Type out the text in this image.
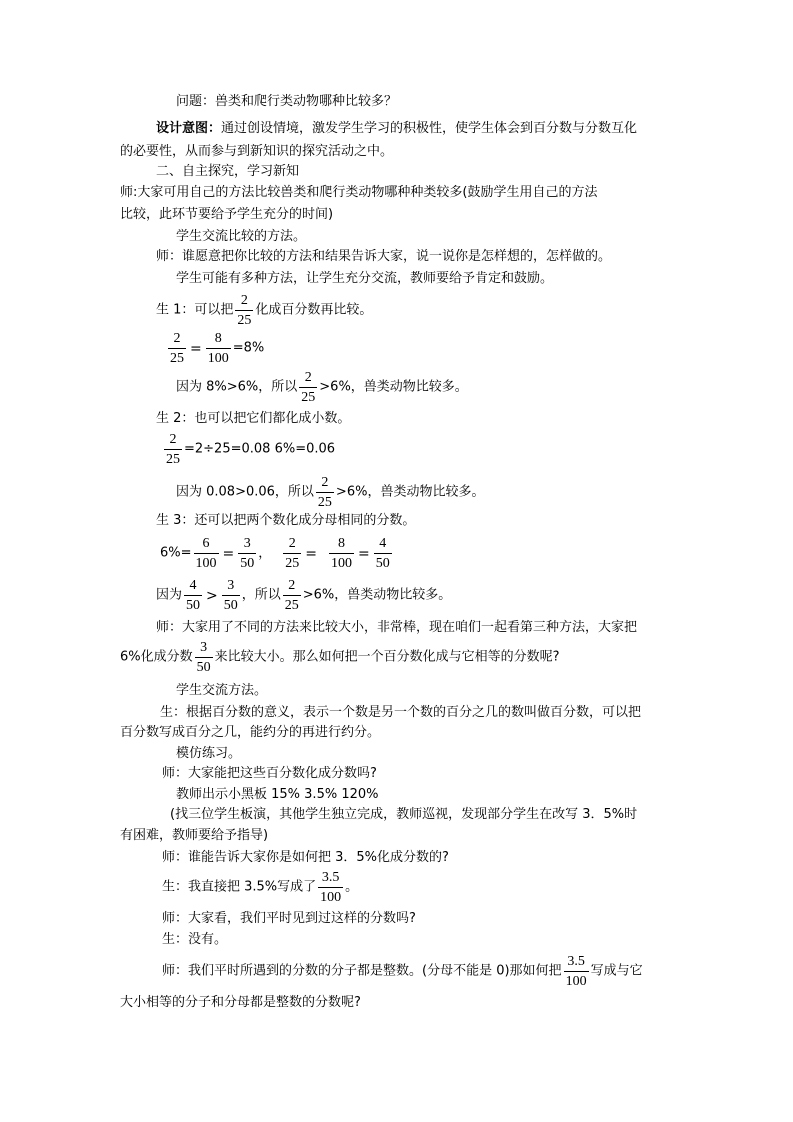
问题：兽类和爬行类动物哪种比较多？
设计意图：通过创设情境，激发学生学习的积极性，使学生体会到百分数与分数互化
的必要性，从而参与到新知识的探究活动之中。
二、自主探究，学习新知
师:大家可用自己的方法比较兽类和爬行类动物哪种种类较多(鼓励学生用自己的方法
比较，此环节要给予学生充分的时间)
学生交流比较的方法。
师：谁愿意把你比较的方法和结果告诉大家，说一说你是怎样想的，怎样做的。
学生可能有多种方法，让学生充分交流，教师要给予肯定和鼓励。
生 1：可以把 $\frac{2}{25}$ 化成百分数再比较。
$\frac{2}{25} = \frac{8}{100} =8\%$
因为 8%>6%，所以 $\frac{2}{25} >6\%$，兽类动物比较多。
生 2：也可以把它们都化成小数。
$\frac{2}{25} =2\div 25=0.08$ 6%=0.06
因为 0.08>0.06，所以 $\frac{2}{25} >6\%$，兽类动物比较多。
生 3：还可以把两个数化成分母相同的分数。
$6\%= \frac{6}{100} = \frac{3}{50}$ ， $\frac{2}{25} = \frac{8}{100} = \frac{4}{50}$
因为 $\frac{4}{50} > \frac{3}{50}$ ，所以 $\frac{2}{25} >6\%$，兽类动物比较多。
师：大家用了不同的方法来比较大小，非常棒，现在咱们一起看第三种方法，大家把
6%化成分数 $\frac{3}{50}$ 来比较大小。那么如何把一个百分数化成与它相等的分数呢?
学生交流方法。
生：根据百分数的意义，表示一个数是另一个数的百分之几的数叫做百分数，可以把
百分数写成百分之几，能约分的再进行约分。
模仿练习。
师：大家能把这些百分数化成分数吗?
教师出示小黑板 15% 3.5% 120%
(找三位学生板演，其他学生独立完成，教师巡视，发现部分学生在改写 3．5%时
有困难，教师要给予指导)
师：谁能告诉大家你是如何把 3．5%化成分数的?
生：我直接把 3.5%写成了 $\frac{3.5}{100}$ 。
师：大家看，我们平时见到过这样的分数吗?
生：没有。
师：我们平时所遇到的分数的分子都是整数。(分母不能是 0)那如何把 $\frac{3.5}{100}$ 写成与它
大小相等的分子和分母都是整数的分数呢?
